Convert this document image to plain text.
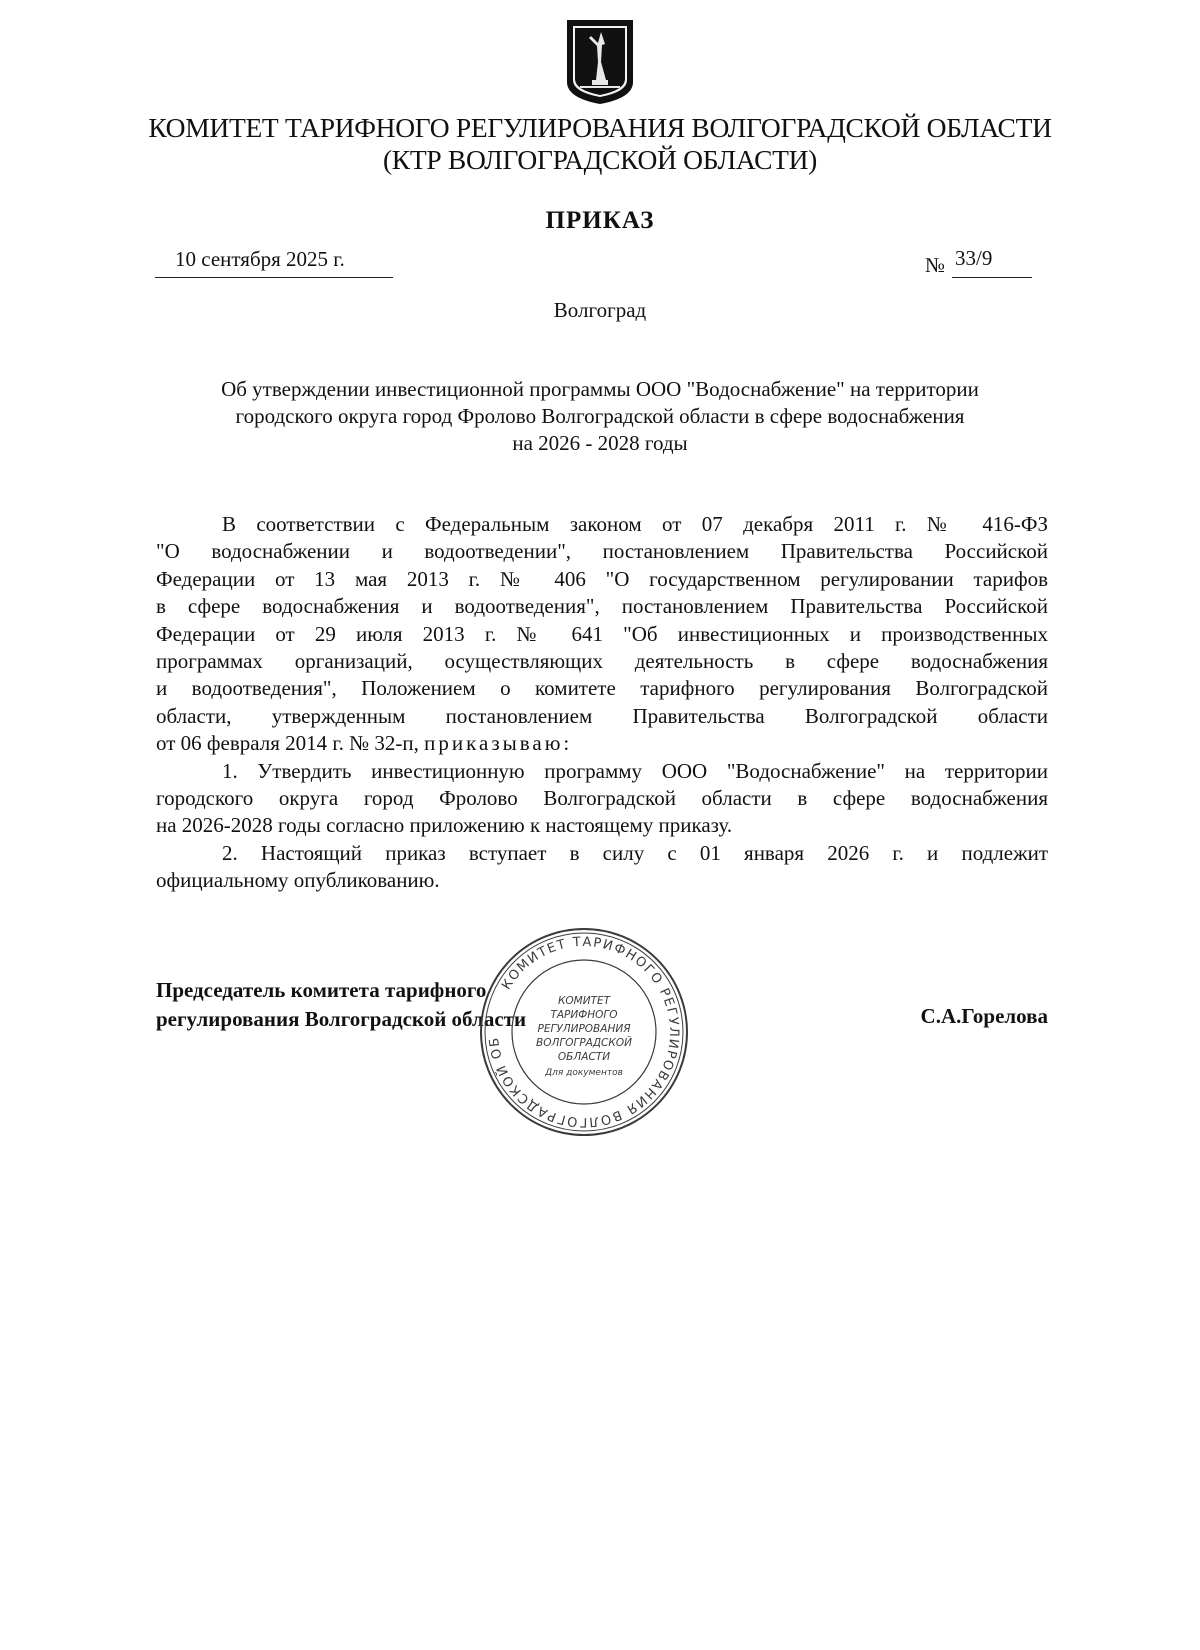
КОМИТЕТ ТАРИФНОГО РЕГУЛИРОВАНИЯ ВОЛГОГРАДСКОЙ ОБЛАСТИ
(КТР ВОЛГОГРАДСКОЙ ОБЛАСТИ)
ПРИКАЗ
10 сентября 2025 г.	№ 33/9
Волгоград
Об утверждении инвестиционной программы ООО "Водоснабжение" на территории
городского округа город Фролово Волгоградской области в сфере водоснабжения
на 2026 - 2028 годы
В соответствии с Федеральным законом от 07 декабря 2011 г. № 416-ФЗ
"О водоснабжении и водоотведении", постановлением Правительства Российской
Федерации от 13 мая 2013 г. № 406 "О государственном регулировании тарифов
в сфере водоснабжения и водоотведения", постановлением Правительства Российской
Федерации от 29 июля 2013 г. № 641 "Об инвестиционных и производственных
программах организаций, осуществляющих деятельность в сфере водоснабжения
и водоотведения", Положением о комитете тарифного регулирования Волгоградской
области, утвержденным постановлением Правительства Волгоградской области
от 06 февраля 2014 г. № 32-п, приказываю:
1. Утвердить инвестиционную программу ООО "Водоснабжение" на территории
городского округа город Фролово Волгоградской области в сфере водоснабжения
на 2026-2028 годы согласно приложению к настоящему приказу.
2. Настоящий приказ вступает в силу с 01 января 2026 г. и подлежит
официальному опубликованию.
Председатель комитета тарифного
регулирования Волгоградской области	С.А.Горелова
КОМИТЕТ ТАРИФНОГО РЕГУЛИРОВАНИЯ ВОЛГОГРАДСКОЙ ОБ
КОМИТЕТ
ТАРИФНОГО
РЕГУЛИРОВАНИЯ
ВОЛГОГРАДСКОЙ
ОБЛАСТИ
Для документов
